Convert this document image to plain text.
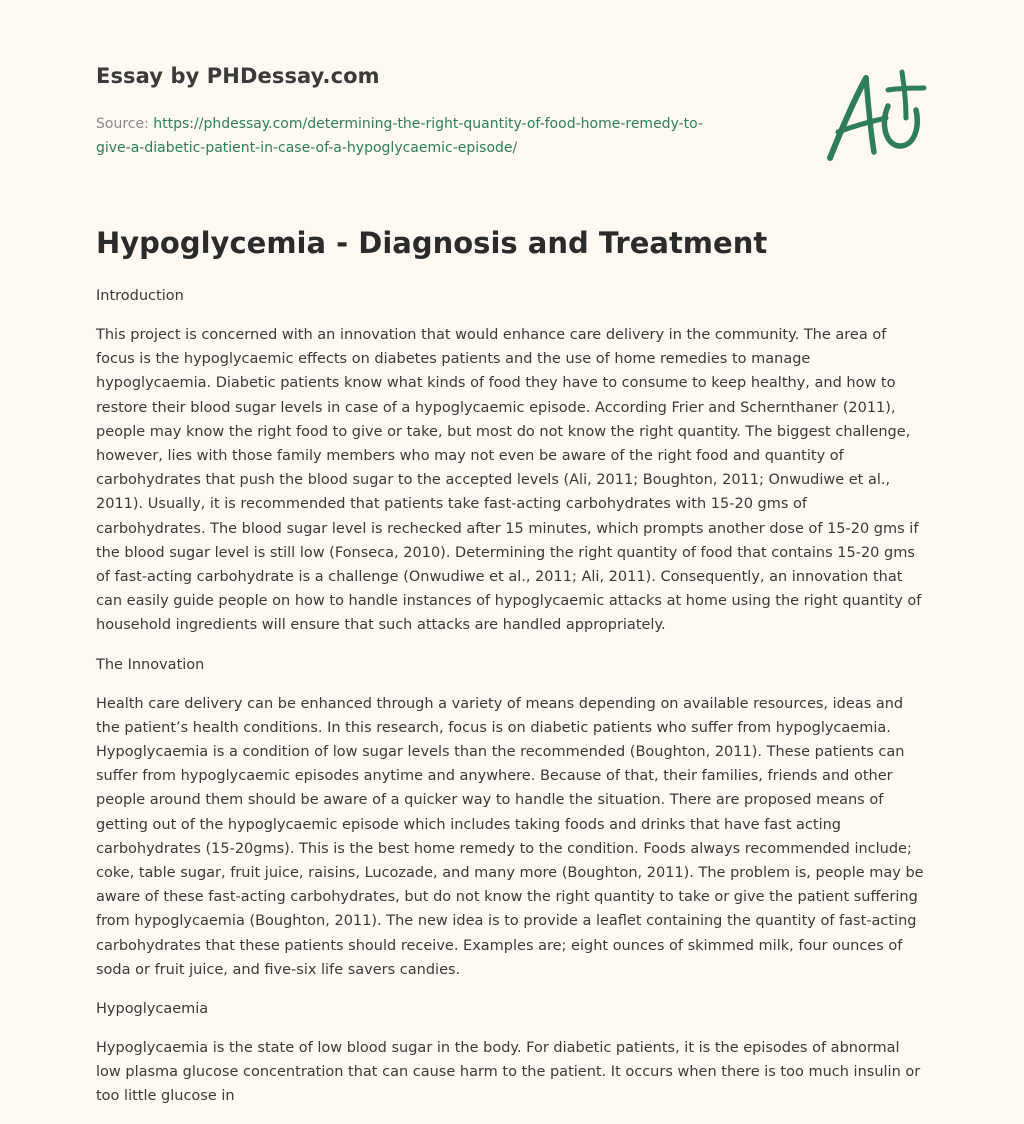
Essay by PHDessay.com
Source: https://phdessay.com/determining-the-right-quantity-of-food-home-remedy-to-
give-a-diabetic-patient-in-case-of-a-hypoglycaemic-episode/
Hypoglycemia - Diagnosis and Treatment

Introduction

This project is concerned with an innovation that would enhance care delivery in the community. The area of
focus is the hypoglycaemic effects on diabetes patients and the use of home remedies to manage
hypoglycaemia. Diabetic patients know what kinds of food they have to consume to keep healthy, and how to
restore their blood sugar levels in case of a hypoglycaemic episode. According Frier and Schernthaner (2011),
people may know the right food to give or take, but most do not know the right quantity. The biggest challenge,
however, lies with those family members who may not even be aware of the right food and quantity of
carbohydrates that push the blood sugar to the accepted levels (Ali, 2011; Boughton, 2011; Onwudiwe et al.,
2011). Usually, it is recommended that patients take fast-acting carbohydrates with 15-20 gms of
carbohydrates. The blood sugar level is rechecked after 15 minutes, which prompts another dose of 15-20 gms if
the blood sugar level is still low (Fonseca, 2010). Determining the right quantity of food that contains 15-20 gms
of fast-acting carbohydrate is a challenge (Onwudiwe et al., 2011; Ali, 2011). Consequently, an innovation that
can easily guide people on how to handle instances of hypoglycaemic attacks at home using the right quantity of
household ingredients will ensure that such attacks are handled appropriately.

The Innovation

Health care delivery can be enhanced through a variety of means depending on available resources, ideas and
the patient’s health conditions. In this research, focus is on diabetic patients who suffer from hypoglycaemia.
Hypoglycaemia is a condition of low sugar levels than the recommended (Boughton, 2011). These patients can
suffer from hypoglycaemic episodes anytime and anywhere. Because of that, their families, friends and other
people around them should be aware of a quicker way to handle the situation. There are proposed means of
getting out of the hypoglycaemic episode which includes taking foods and drinks that have fast acting
carbohydrates (15-20gms). This is the best home remedy to the condition. Foods always recommended include;
coke, table sugar, fruit juice, raisins, Lucozade, and many more (Boughton, 2011). The problem is, people may be
aware of these fast-acting carbohydrates, but do not know the right quantity to take or give the patient suffering
from hypoglycaemia (Boughton, 2011). The new idea is to provide a leaflet containing the quantity of fast-acting
carbohydrates that these patients should receive. Examples are; eight ounces of skimmed milk, four ounces of
soda or fruit juice, and five-six life savers candies.

Hypoglycaemia

Hypoglycaemia is the state of low blood sugar in the body. For diabetic patients, it is the episodes of abnormal
low plasma glucose concentration that can cause harm to the patient. It occurs when there is too much insulin or
too little glucose in
